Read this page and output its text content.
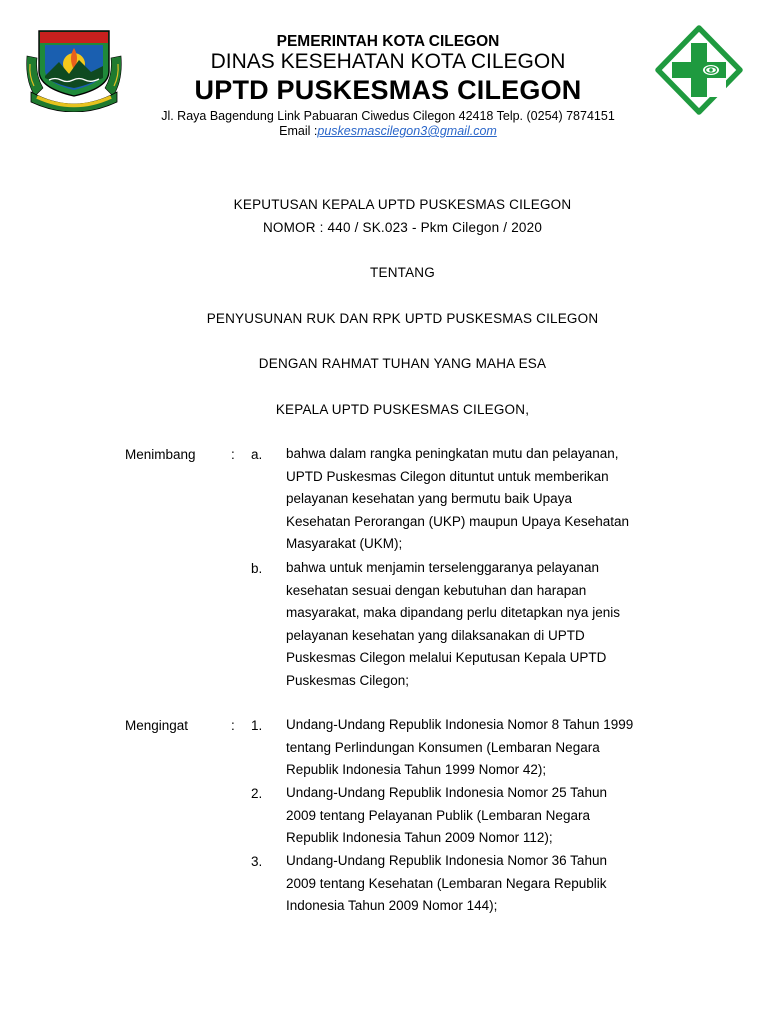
PEMERINTAH KOTA CILEGON
DINAS KESEHATAN KOTA CILEGON
UPTD PUSKESMAS CILEGON
Jl. Raya Bagendung Link Pabuaran Ciwedus Cilegon 42418 Telp. (0254) 7874151
Email :puskesmascilegon3@gmail.com
KEPUTUSAN KEPALA UPTD PUSKESMAS CILEGON
NOMOR : 440 / SK.023 - Pkm Cilegon / 2020
TENTANG
PENYUSUNAN RUK DAN RPK UPTD PUSKESMAS CILEGON
DENGAN RAHMAT TUHAN YANG MAHA ESA
KEPALA UPTD PUSKESMAS CILEGON,
Menimbang	: a. bahwa dalam rangka peningkatan mutu dan pelayanan,

UPTD Puskesmas Cilegon dituntut untuk memberikan

pelayanan kesehatan yang bermutu baik Upaya

Kesehatan Perorangan (UKP) maupun Upaya Kesehatan

Masyarakat (UKM);

b. bahwa untuk menjamin terselenggaranya pelayanan

kesehatan sesuai dengan kebutuhan dan harapan

masyarakat, maka dipandang perlu ditetapkan nya jenis

pelayanan kesehatan yang dilaksanakan di UPTD

Puskesmas Cilegon melalui Keputusan Kepala UPTD

Puskesmas Cilegon;

Mengingat	: 1. Undang-Undang Republik Indonesia Nomor 8 Tahun 1999

tentang Perlindungan Konsumen (Lembaran Negara

Republik Indonesia Tahun 1999 Nomor 42);

2. Undang-Undang Republik Indonesia Nomor 25 Tahun

2009 tentang Pelayanan Publik (Lembaran Negara

Republik Indonesia Tahun 2009 Nomor 112);

3. Undang-Undang Republik Indonesia Nomor 36 Tahun

2009 tentang Kesehatan (Lembaran Negara Republik

Indonesia Tahun 2009 Nomor 144);
